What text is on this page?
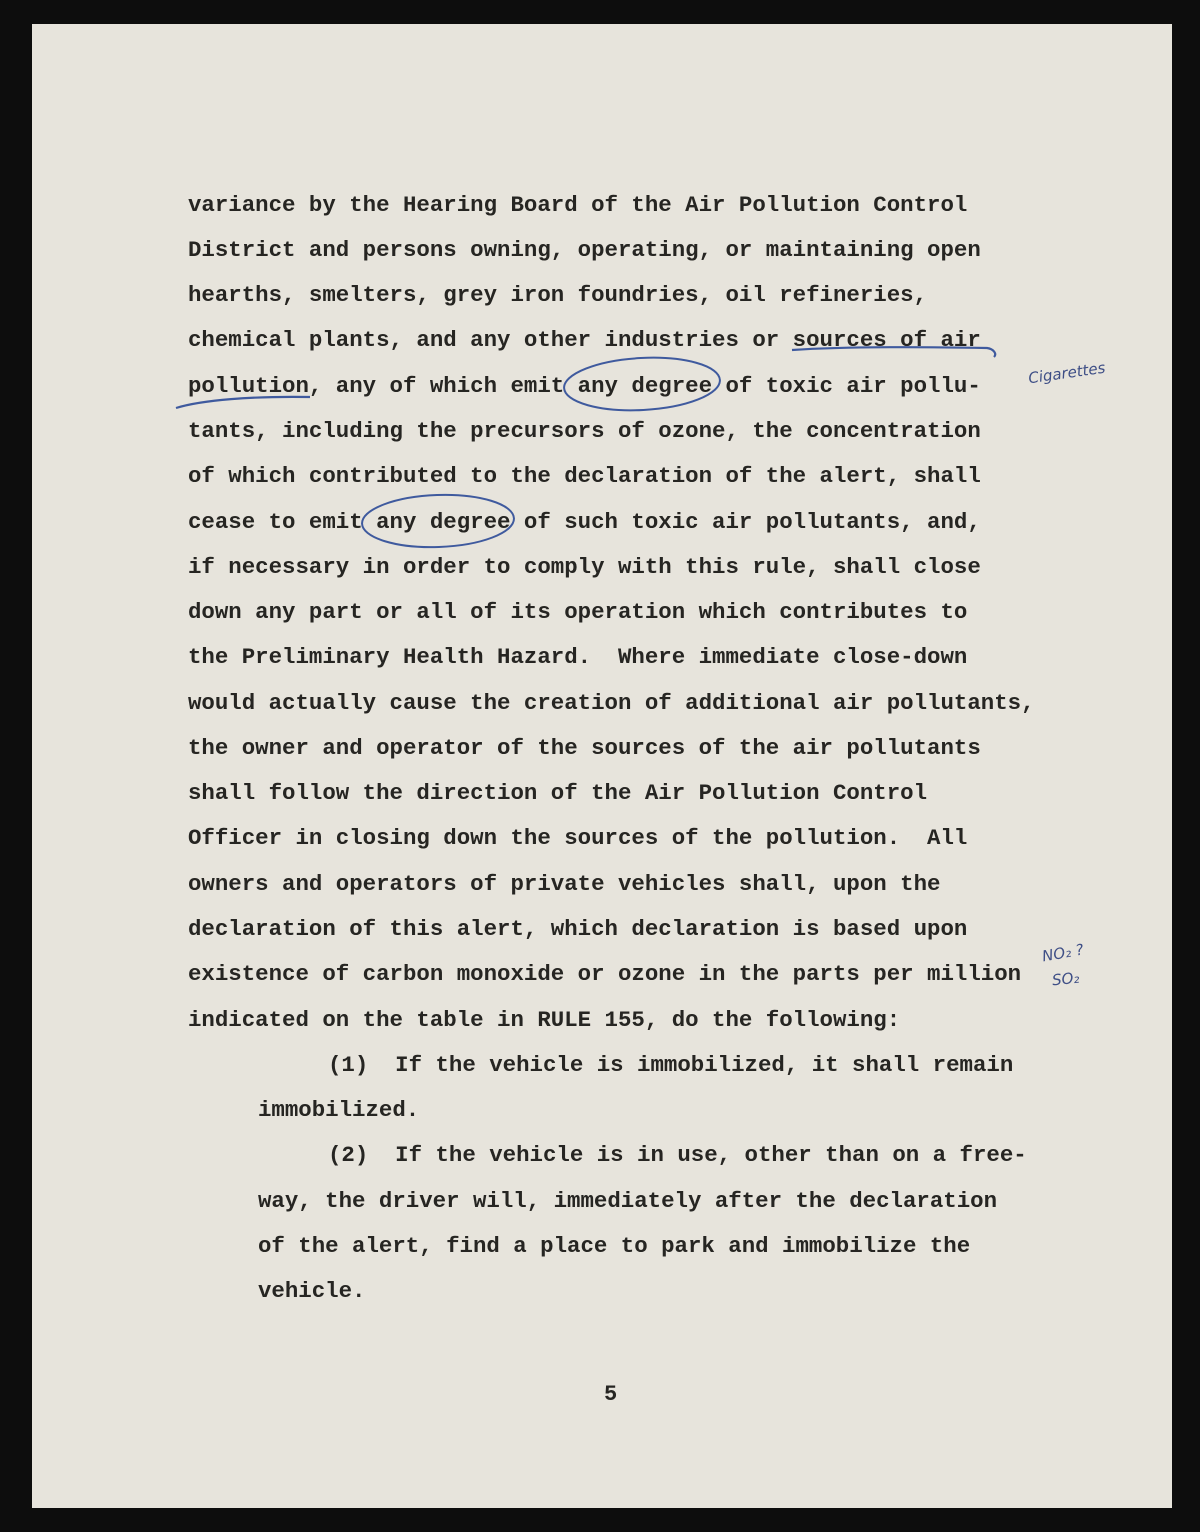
variance by the Hearing Board of the Air Pollution Control

District and persons owning, operating, or maintaining open

hearths, smelters, grey iron foundries, oil refineries,

chemical plants, and any other industries or sources of air

pollution, any of which emit any degree of toxic air pollu-

tants, including the precursors of ozone, the concentration

of which contributed to the declaration of the alert, shall

cease to emit any degree of such toxic air pollutants, and,

if necessary in order to comply with this rule, shall close

down any part or all of its operation which contributes to

the Preliminary Health Hazard.  Where immediate close-down

would actually cause the creation of additional air pollutants,

the owner and operator of the sources of the air pollutants

shall follow the direction of the Air Pollution Control

Officer in closing down the sources of the pollution.  All

owners and operators of private vehicles shall, upon the

declaration of this alert, which declaration is based upon

existence of carbon monoxide or ozone in the parts per million

indicated on the table in RULE 155, do the following:

(1)  If the vehicle is immobilized, it shall remain

immobilized.

(2)  If the vehicle is in use, other than on a free-

way, the driver will, immediately after the declaration

of the alert, find a place to park and immobilize the

vehicle.

5

Cigarettes
NO₂ ?
SO₂
